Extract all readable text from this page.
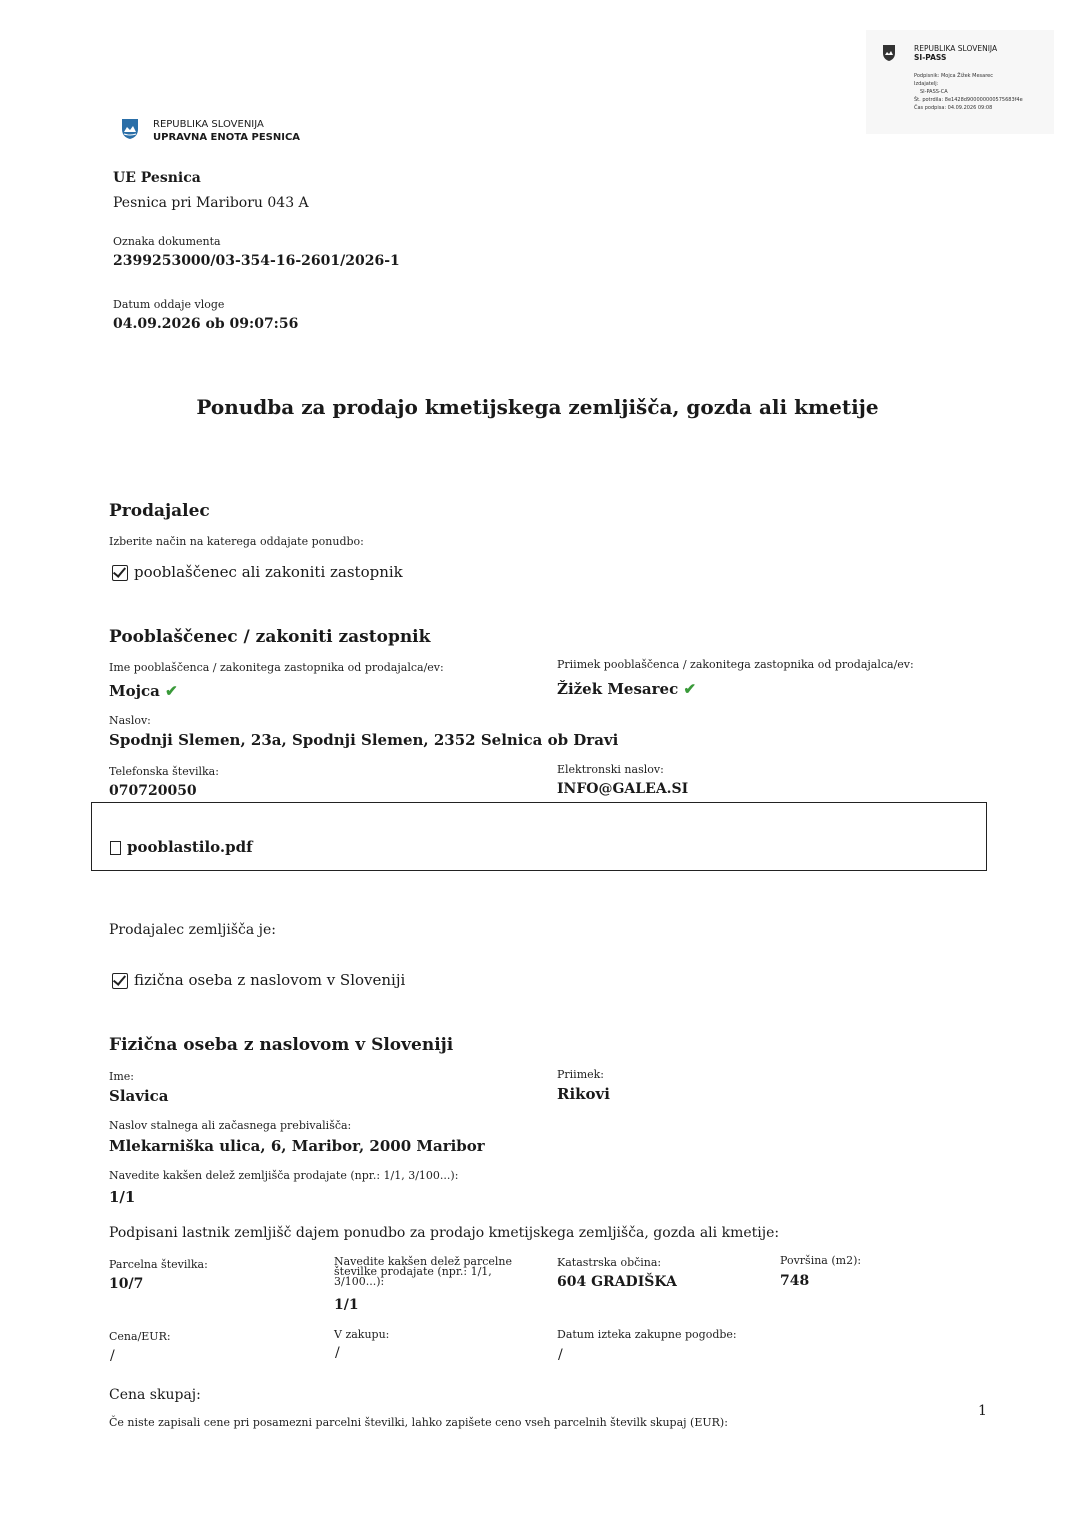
REPUBLIKA SLOVENIJA
SI-PASS
Podpisnik: Mojca Žižek Mesarec
Izdajatelj:
SI-PASS-CA
Št. potrdila: 8e1428d900000000575683f4e
Čas podpisa: 04.09.2026 09:08
REPUBLIKA SLOVENIJA
UPRAVNA ENOTA PESNICA
UE Pesnica
Pesnica pri Mariboru 043 A
Oznaka dokumenta
2399253000/03-354-16-2601/2026-1
Datum oddaje vloge
04.09.2026 ob 09:07:56
Ponudba za prodajo kmetijskega zemljišča, gozda ali kmetije
Prodajalec
Izberite način na katerega oddajate ponudbo:
pooblaščenec ali zakoniti zastopnik
Pooblaščenec / zakoniti zastopnik
Ime pooblaščenca / zakonitega zastopnika od prodajalca/ev:
Mojca ✔
Priimek pooblaščenca / zakonitega zastopnika od prodajalca/ev:
Žižek Mesarec ✔
Naslov:
Spodnji Slemen, 23a, Spodnji Slemen, 2352 Selnica ob Dravi
Telefonska številka:
070720050
Elektronski naslov:
INFO@GALEA.SI
pooblastilo.pdf
Prodajalec zemljišča je:
fizična oseba z naslovom v Sloveniji
Fizična oseba z naslovom v Sloveniji
Ime:
Slavica
Priimek:
Rikovi
Naslov stalnega ali začasnega prebivališča:
Mlekarniška ulica, 6, Maribor, 2000 Maribor
Navedite kakšen delež zemljišča prodajate (npr.: 1/1, 3/100...):
1/1
Podpisani lastnik zemljišč dajem ponudbo za prodajo kmetijskega zemljišča, gozda ali kmetije:
Parcelna številka:
10/7
Navedite kakšen delež parcelne številke prodajate (npr.: 1/1, 3/100...):
1/1
Katastrska občina:
604 GRADIŠKA
Površina (m2):
748
Cena/EUR:
/
V zakupu:
/
Datum izteka zakupne pogodbe:
/
Cena skupaj:
Če niste zapisali cene pri posamezni parcelni številki, lahko zapišete ceno vseh parcelnih številk skupaj (EUR):
1
